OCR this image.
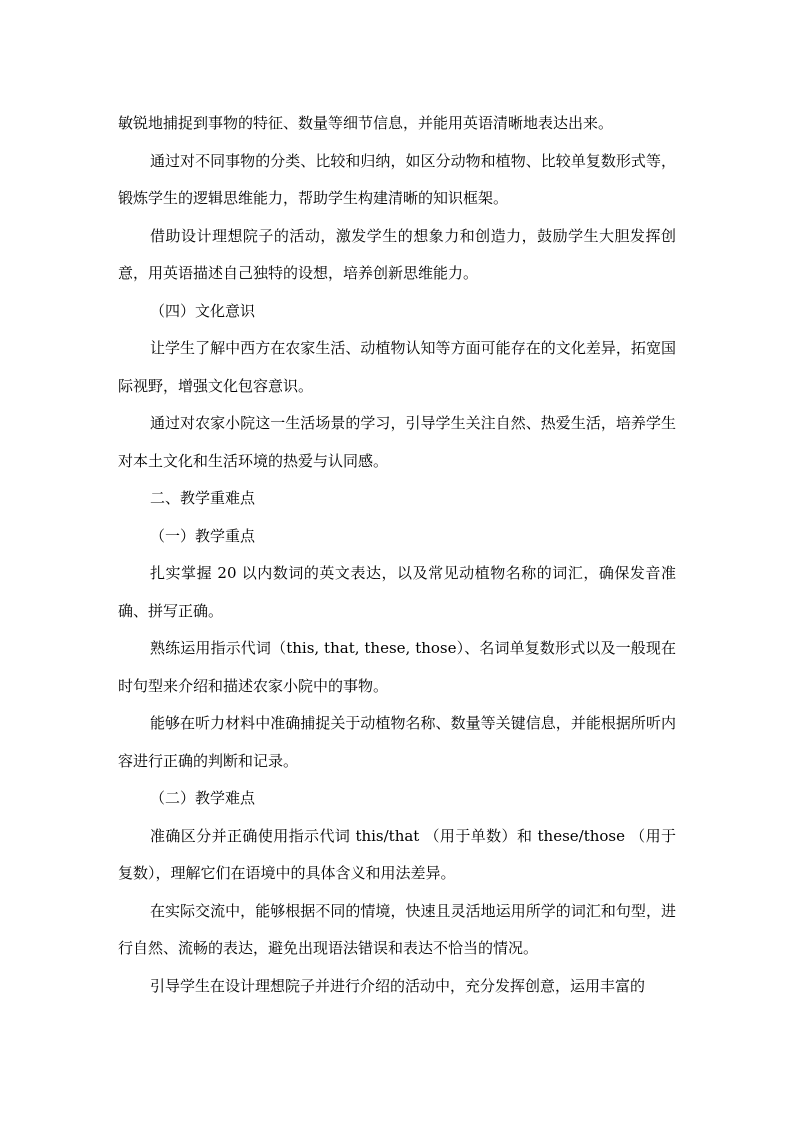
敏锐地捕捉到事物的特征、数量等细节信息，并能用英语清晰地表达出来。

通过对不同事物的分类、比较和归纳，如区分动物和植物、比较单复数形式等，锻炼学生的逻辑思维能力，帮助学生构建清晰的知识框架。

借助设计理想院子的活动，激发学生的想象力和创造力，鼓励学生大胆发挥创意，用英语描述自己独特的设想，培养创新思维能力。

（四）文化意识

让学生了解中西方在农家生活、动植物认知等方面可能存在的文化差异，拓宽国际视野，增强文化包容意识。

通过对农家小院这一生活场景的学习，引导学生关注自然、热爱生活，培养学生对本土文化和生活环境的热爱与认同感。

二、教学重难点

（一）教学重点

扎实掌握 20 以内数词的英文表达，以及常见动植物名称的词汇，确保发音准确、拼写正确。

熟练运用指示代词（this, that, these, those）、名词单复数形式以及一般现在时句型来介绍和描述农家小院中的事物。

能够在听力材料中准确捕捉关于动植物名称、数量等关键信息，并能根据所听内容进行正确的判断和记录。

（二）教学难点

准确区分并正确使用指示代词 this/that （用于单数）和 these/those （用于复数），理解它们在语境中的具体含义和用法差异。

在实际交流中，能够根据不同的情境，快速且灵活地运用所学的词汇和句型，进行自然、流畅的表达，避免出现语法错误和表达不恰当的情况。

引导学生在设计理想院子并进行介绍的活动中，充分发挥创意，运用丰富的
